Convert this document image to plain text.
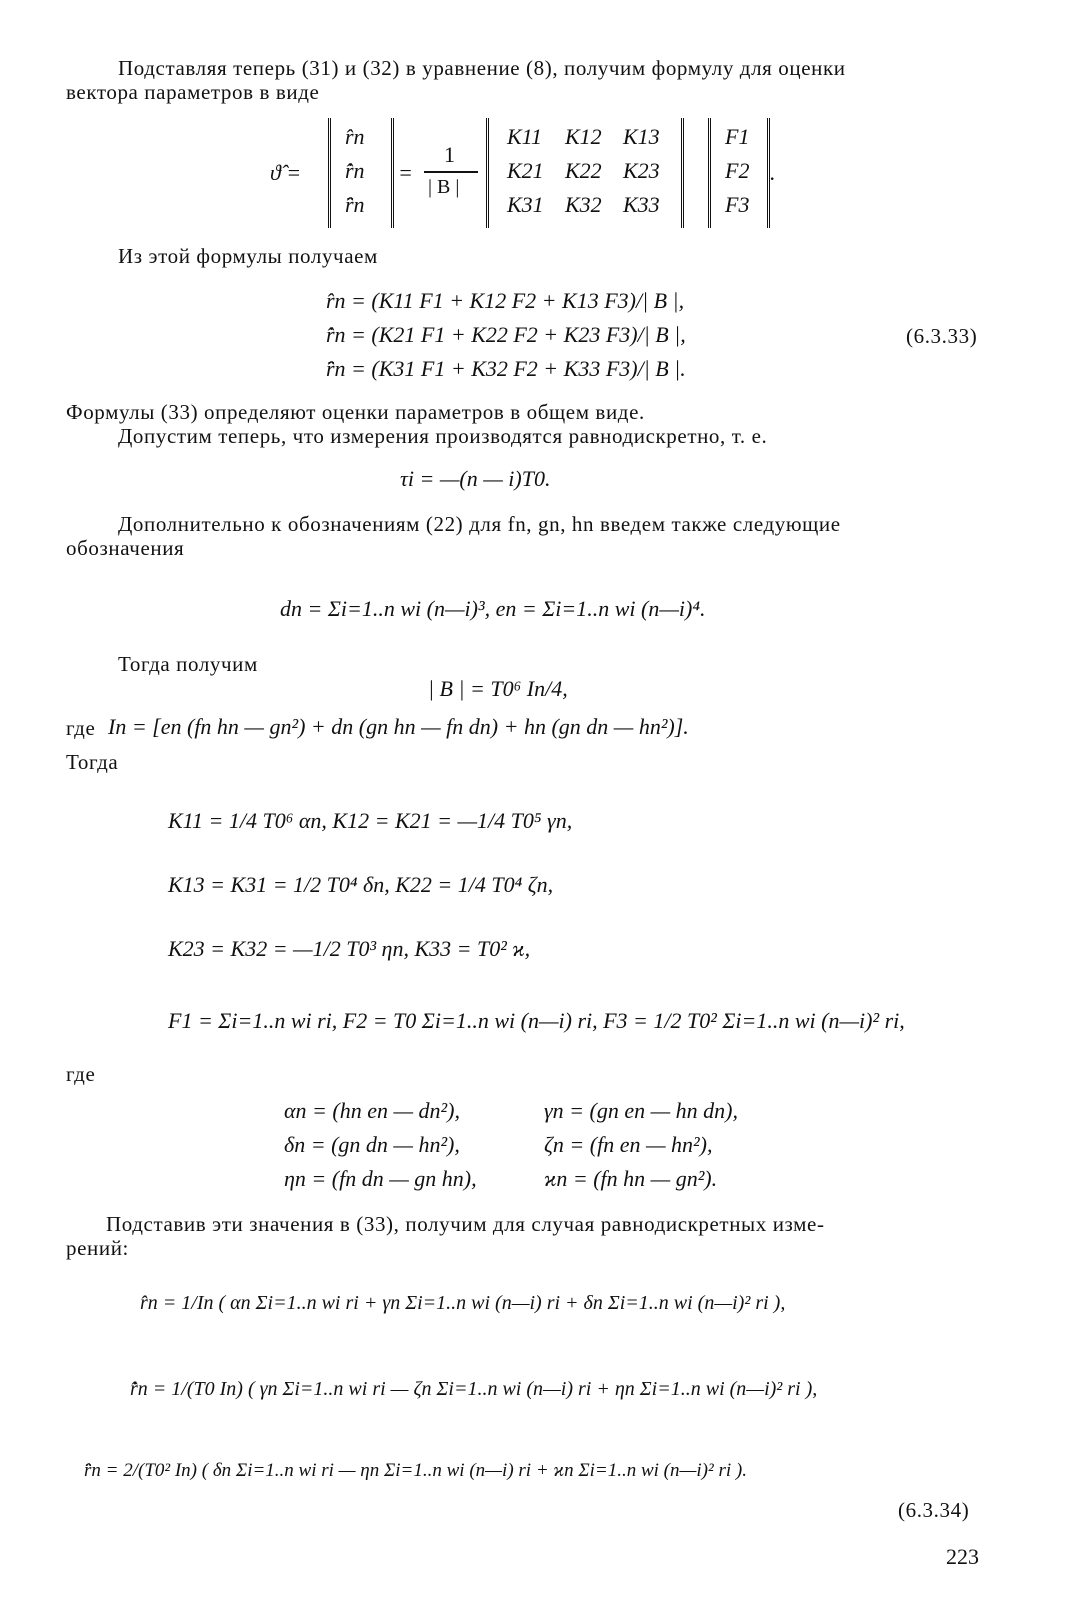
Подставляя теперь (31) и (32) в уравнение (8), получим формулу для оценки
вектора параметров в виде
ϑ̂ =
r̂n
r̂̇n
r̂̈n
=
1
| B |
K11 K12 K13
K21 K22 K23
K31 K32 K33
F1
F2
F3
.
Из этой формулы получаем
r̂n = (K11 F1 + K12 F2 + K13 F3)/| B |,
r̂̇n = (K21 F1 + K22 F2 + K23 F3)/| B |,
r̂̈n = (K31 F1 + K32 F2 + K33 F3)/| B |.
(6.3.33)
Формулы (33) определяют оценки параметров в общем виде.
Допустим теперь, что измерения производятся равнодискретно, т. е.
τi = —(n — i)T0.
Дополнительно к обозначениям (22) для fn, gn, hn введем также следующие
обозначения
dn = Σi=1..n wi (n—i)³, en = Σi=1..n wi (n—i)⁴.
Тогда получим
| B | = T0⁶ In/4,
где In = [en (fn hn — gn²) + dn (gn hn — fn dn) + hn (gn dn — hn²)].
Тогда
K11 = 1/4 T0⁶ αn, K12 = K21 = —1/4 T0⁵ γn,
K13 = K31 = 1/2 T0⁴ δn, K22 = 1/4 T0⁴ ζn,
K23 = K32 = —1/2 T0³ ηn, K33 = T0² ϰ,
F1 = Σi=1..n wi ri, F2 = T0 Σi=1..n wi (n—i) ri, F3 = 1/2 T0² Σi=1..n wi (n—i)² ri,
где
αn = (hn en — dn²),	γn = (gn en — hn dn),
δn = (gn dn — hn²),	ζn = (fn en — hn²),
ηn = (fn dn — gn hn),	ϰn = (fn hn — gn²).
Подставив эти значения в (33), получим для случая равнодискретных изме-
рений:
r̂n = 1/In ( αn Σi=1..n wi ri + γn Σi=1..n wi (n—i) ri + δn Σi=1..n wi (n—i)² ri ),
r̂̇n = 1/(T0 In) ( γn Σi=1..n wi ri — ζn Σi=1..n wi (n—i) ri + ηn Σi=1..n wi (n—i)² ri ),
r̂̈n = 2/(T0² In) ( δn Σi=1..n wi ri — ηn Σi=1..n wi (n—i) ri + ϰn Σi=1..n wi (n—i)² ri ).
(6.3.34)
223
